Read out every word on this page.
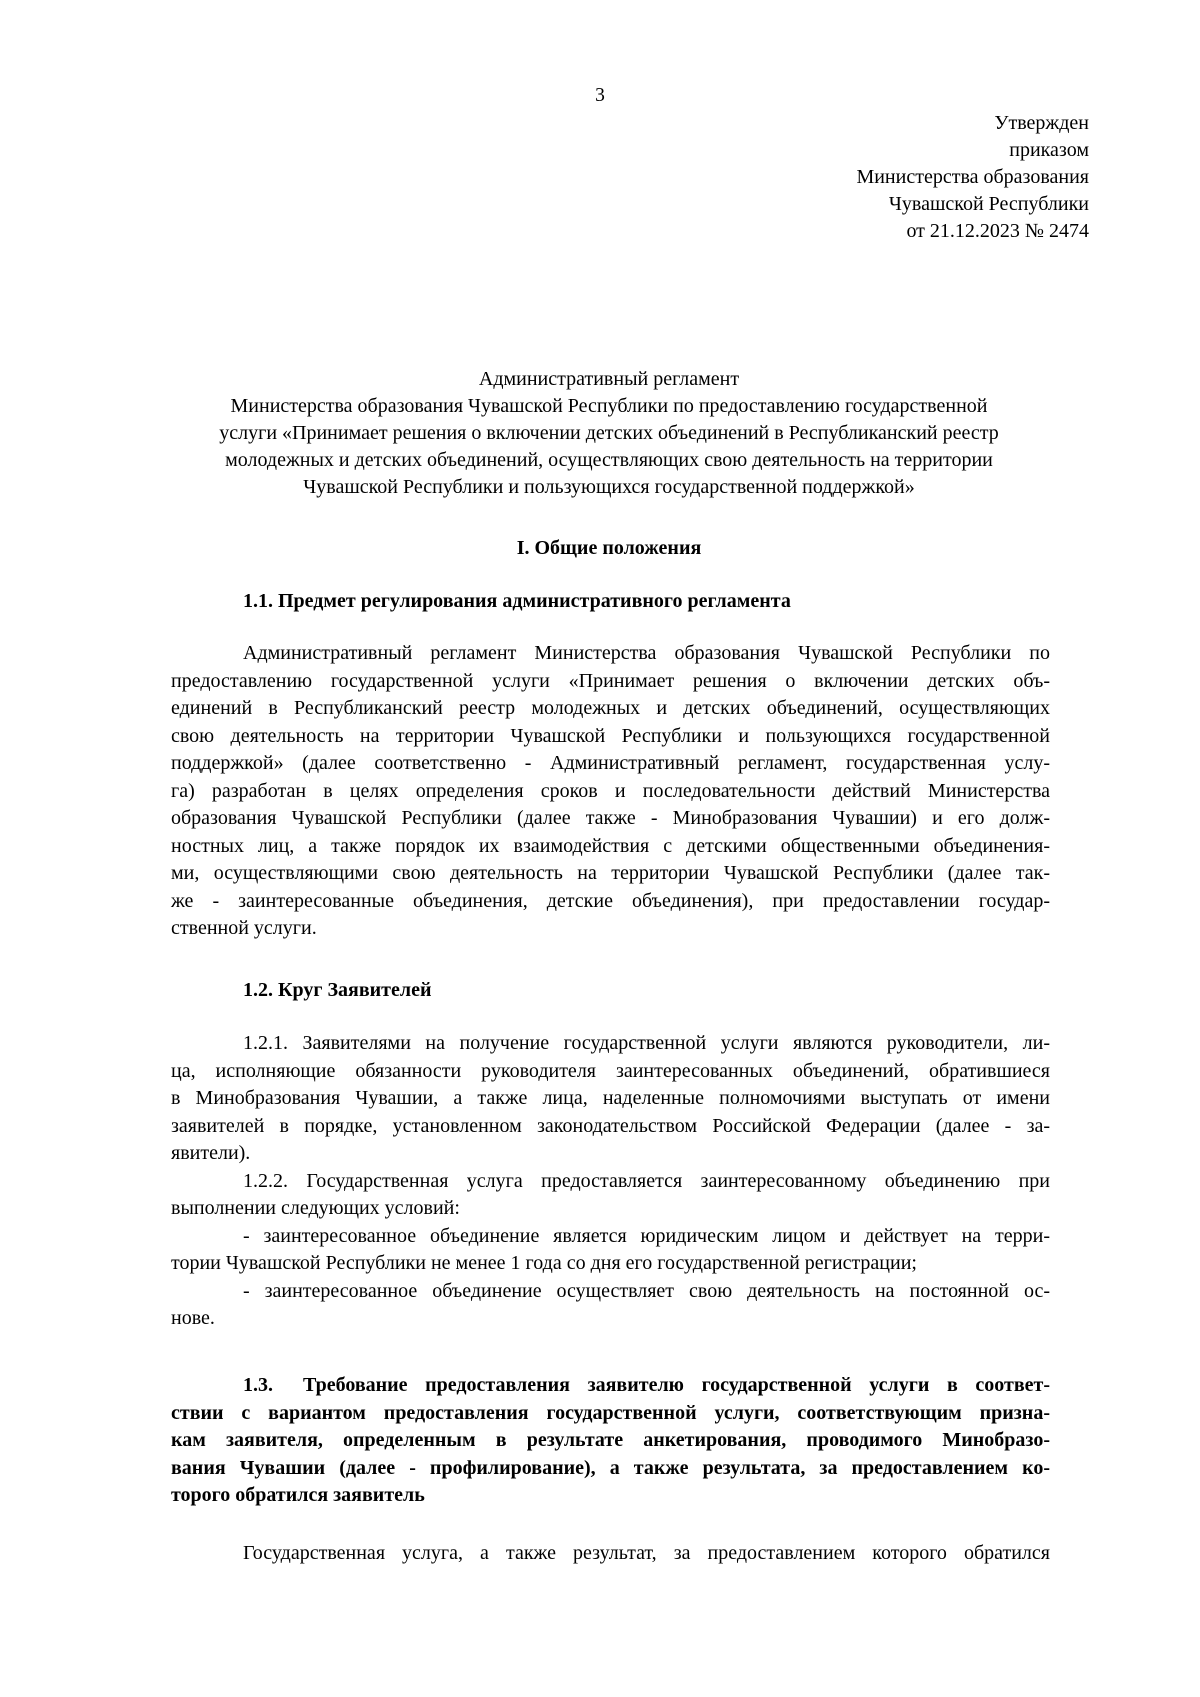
3
Утвержден
приказом
Министерства образования
Чувашской Республики
от 21.12.2023 № 2474
Административный регламент
Министерства образования Чувашской Республики по предоставлению государственной
услуги «Принимает решения о включении детских объединений в Республиканский реестр
молодежных и детских объединений, осуществляющих свою деятельность на территории
Чувашской Республики и пользующихся государственной поддержкой»
I. Общие положения
1.1. Предмет регулирования административного регламента
Административный регламент Министерства образования Чувашской Республики по
предоставлению государственной услуги «Принимает решения о включении детских объ-
единений в Республиканский реестр молодежных и детских объединений, осуществляющих
свою деятельность на территории Чувашской Республики и пользующихся государственной
поддержкой» (далее соответственно - Административный регламент, государственная услу-
га) разработан в целях определения сроков и последовательности действий Министерства
образования Чувашской Республики (далее также - Минобразования Чувашии) и его долж-
ностных лиц, а также порядок их взаимодействия с детскими общественными объединения-
ми, осуществляющими свою деятельность на территории Чувашской Республики (далее так-
же - заинтересованные объединения, детские объединения), при предоставлении государ-
ственной услуги.
1.2. Круг Заявителей
1.2.1. Заявителями на получение государственной услуги являются руководители, ли-
ца, исполняющие обязанности руководителя заинтересованных объединений, обратившиеся
в Минобразования Чувашии, а также лица, наделенные полномочиями выступать от имени
заявителей в порядке, установленном законодательством Российской Федерации (далее - за-
явители).
1.2.2. Государственная услуга предоставляется заинтересованному объединению при
выполнении следующих условий:
- заинтересованное объединение является юридическим лицом и действует на терри-
тории Чувашской Республики не менее 1 года со дня его государственной регистрации;
- заинтересованное объединение осуществляет свою деятельность на постоянной ос-
нове.
1.3. Требование предоставления заявителю государственной услуги в соответ-
ствии с вариантом предоставления государственной услуги, соответствующим призна-
кам заявителя, определенным в результате анкетирования, проводимого Минобразо-
вания Чувашии (далее - профилирование), а также результата, за предоставлением ко-
торого обратился заявитель
Государственная услуга, а также результат, за предоставлением которого обратился
